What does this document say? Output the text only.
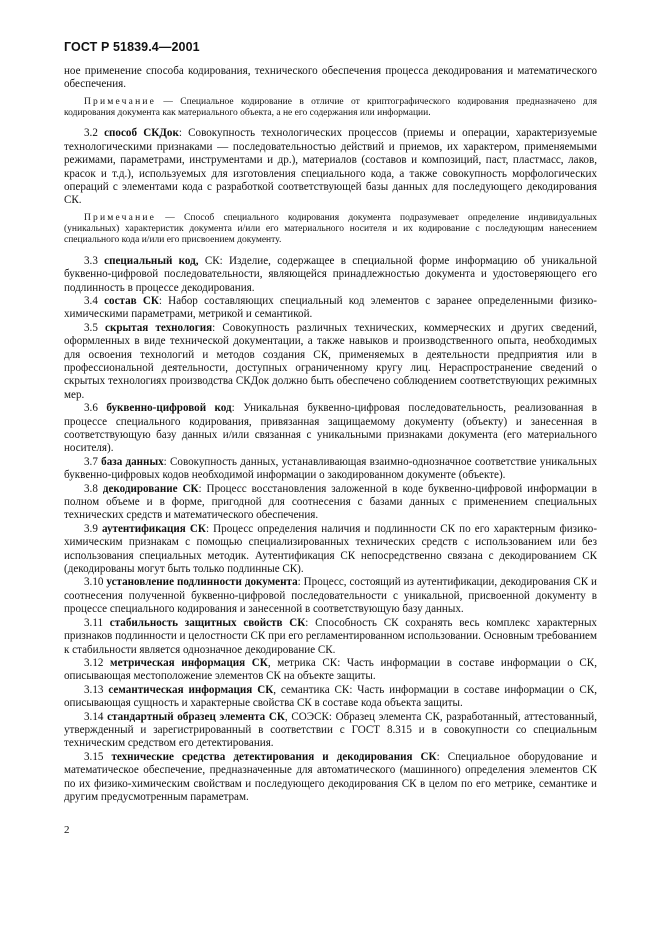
ГОСТ Р 51839.4—2001

ное применение способа кодирования, технического обеспечения процесса декодирования и математического обеспечения.

Примечание — Специальное кодирование в отличие от криптографического кодирования предназначено для кодирования документа как материального объекта, а не его содержания или информации.

3.2 способ СКДок: Совокупность технологических процессов (приемы и операции, характеризуемые технологическими признаками — последовательностью действий и приемов, их характером, применяемыми режимами, параметрами, инструментами и др.), материалов (составов и композиций, паст, пластмасс, лаков, красок и т.д.), используемых для изготовления специального кода, а также совокупность морфологических операций с элементами кода с разработкой соответствующей базы данных для последующего декодирования СК.

Примечание — Способ специального кодирования документа подразумевает определение индивидуальных (уникальных) характеристик документа и/или его материального носителя и их кодирование с последующим нанесением специального кода и/или его присвоением документу.

3.3 специальный код, СК: Изделие, содержащее в специальной форме информацию об уникальной буквенно-цифровой последовательности, являющейся принадлежностью документа и удостоверяющего его подлинность в процессе декодирования.

3.4 состав СК: Набор составляющих специальный код элементов с заранее определенными физико-химическими параметрами, метрикой и семантикой.

3.5 скрытая технология: Совокупность различных технических, коммерческих и других сведений, оформленных в виде технической документации, а также навыков и производственного опыта, необходимых для освоения технологий и методов создания СК, применяемых в деятельности предприятия или в профессиональной деятельности, доступных ограниченному кругу лиц. Нераспространение сведений о скрытых технологиях производства СКДок должно быть обеспечено соблюдением соответствующих режимных мер.

3.6 буквенно-цифровой код: Уникальная буквенно-цифровая последовательность, реализованная в процессе специального кодирования, привязанная защищаемому документу (объекту) и занесенная в соответствующую базу данных и/или связанная с уникальными признаками документа (его материального носителя).

3.7 база данных: Совокупность данных, устанавливающая взаимно-однозначное соответствие уникальных буквенно-цифровых кодов необходимой информации о закодированном документе (объекте).

3.8 декодирование СК: Процесс восстановления заложенной в коде буквенно-цифровой информации в полном объеме и в форме, пригодной для соотнесения с базами данных с применением специальных технических средств и математического обеспечения.

3.9 аутентификация СК: Процесс определения наличия и подлинности СК по его характерным физико-химическим признакам с помощью специализированных технических средств с использованием или без использования специальных методик. Аутентификация СК непосредственно связана с декодированием СК (декодированы могут быть только подлинные СК).

3.10 установление подлинности документа: Процесс, состоящий из аутентификации, декодирования СК и соотнесения полученной буквенно-цифровой последовательности с уникальной, присвоенной документу в процессе специального кодирования и занесенной в соответствующую базу данных.

3.11 стабильность защитных свойств СК: Способность СК сохранять весь комплекс характерных признаков подлинности и целостности СК при его регламентированном использовании. Основным требованием к стабильности является однозначное декодирование СК.

3.12 метрическая информация СК, метрика СК: Часть информации в составе информации о СК, описывающая местоположение элементов СК на объекте защиты.

3.13 семантическая информация СК, семантика СК: Часть информации в составе информации о СК, описывающая сущность и характерные свойства СК в составе кода объекта защиты.

3.14 стандартный образец элемента СК, СОЭСК: Образец элемента СК, разработанный, аттестованный, утвержденный и зарегистрированный в соответствии с ГОСТ 8.315 и в совокупности со специальным техническим средством его детектирования.

3.15 технические средства детектирования и декодирования СК: Специальное оборудование и математическое обеспечение, предназначенные для автоматического (машинного) определения элементов СК по их физико-химическим свойствам и последующего декодирования СК в целом по его метрике, семантике и другим предусмотренным параметрам.

2
